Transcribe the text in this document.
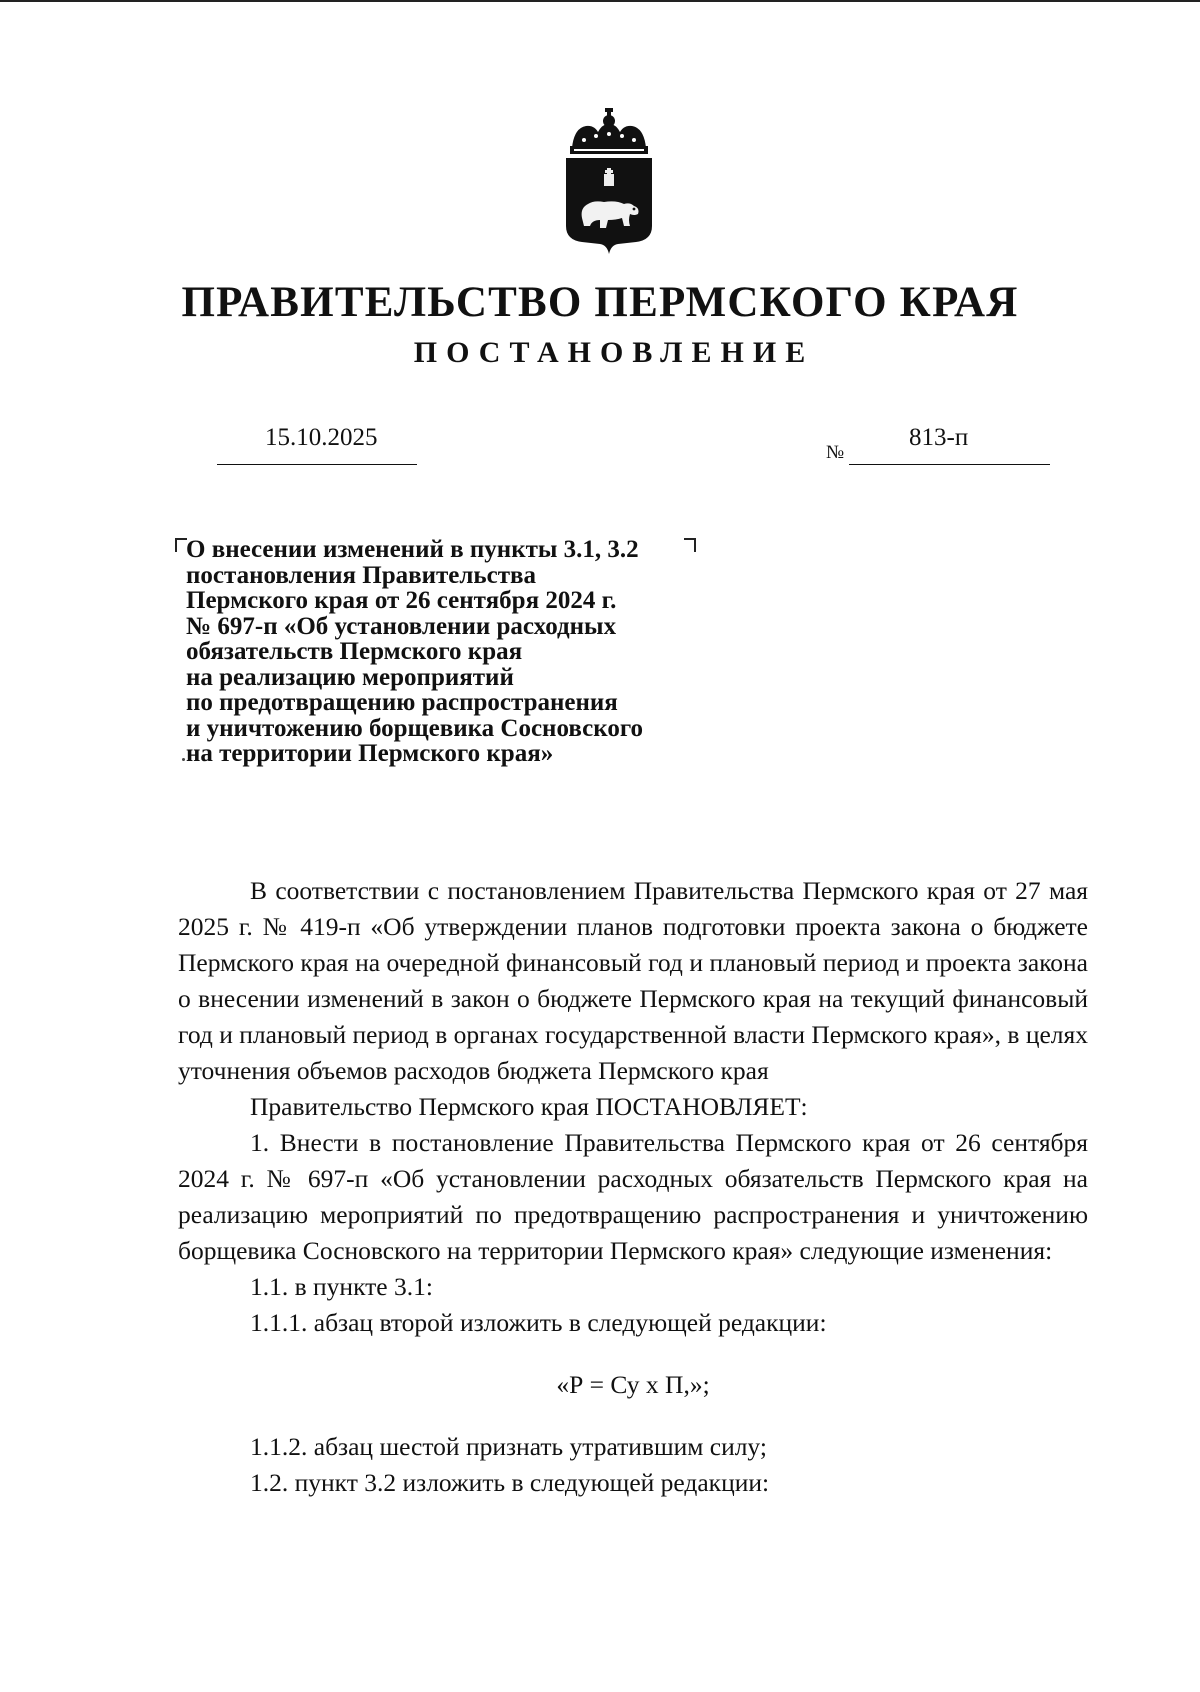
ПРАВИТЕЛЬСТВО ПЕРМСКОГО КРАЯ
ПОСТАНОВЛЕНИЕ
15.10.2025
№
813-п
О внесении изменений в пункты 3.1, 3.2
постановления Правительства
Пермского края от 26 сентября 2024 г.
№ 697-п «Об установлении расходных
обязательств Пермского края
на реализацию мероприятий
по предотвращению распространения
и уничтожению борщевика Сосновского
на территории Пермского края»

В соответствии с постановлением Правительства Пермского края от 27 мая 2025 г. № 419-п «Об утверждении планов подготовки проекта закона о бюджете Пермского края на очередной финансовый год и плановый период и проекта закона о внесении изменений в закон о бюджете Пермского края на текущий финансовый год и плановый период в органах государственной власти Пермского края», в целях уточнения объемов расходов бюджета Пермского края

Правительство Пермского края ПОСТАНОВЛЯЕТ:

1. Внести в постановление Правительства Пермского края от 26 сентября 2024 г. № 697-п «Об установлении расходных обязательств Пермского края на реализацию мероприятий по предотвращению распространения и уничтожению борщевика Сосновского на территории Пермского края» следующие изменения:

1.1. в пункте 3.1:

1.1.1. абзац второй изложить в следующей редакции:

«Р = Су х П,»;

1.1.2. абзац шестой признать утратившим силу;

1.2. пункт 3.2 изложить в следующей редакции:
